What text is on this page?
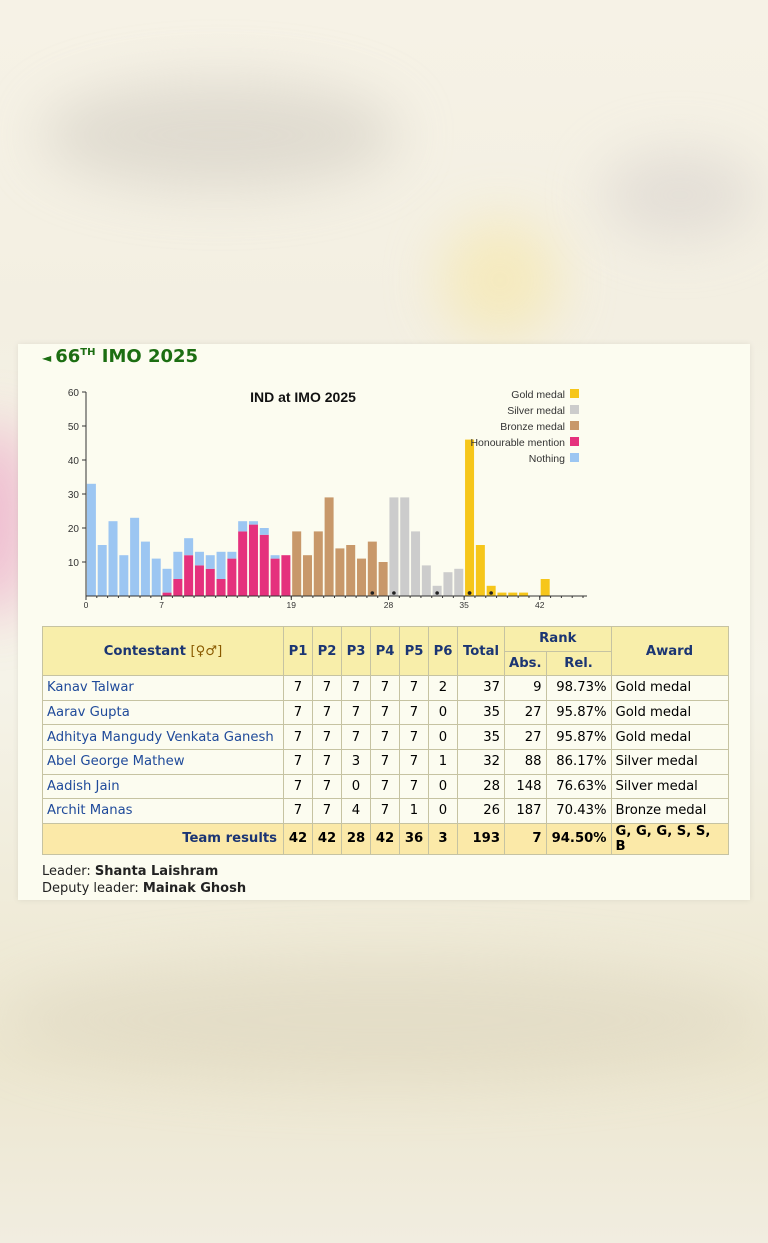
◄ 66TH IMO 2025
10
20
30
40
50
60
0	7	19	28	35	42
Gold medal
Silver medal
Bronze medal
Honourable mention
Nothing
IND at IMO 2025
Contestant [♀♂]	P1	P2	P3	P4	P5	P6	Total	Rank		Award
								Abs.	Rel.	
Kanav Talwar	7	7	7	7	7	2	37	9	98.73%	Gold medal
Aarav Gupta	7	7	7	7	7	0	35	27	95.87%	Gold medal
Adhitya Mangudy Venkata Ganesh	7	7	7	7	7	0	35	27	95.87%	Gold medal
Abel George Mathew	7	7	3	7	7	1	32	88	86.17%	Silver medal
Aadish Jain	7	7	0	7	7	0	28	148	76.63%	Silver medal
Archit Manas	7	7	4	7	1	0	26	187	70.43%	Bronze medal
Team results	42	42	28	42	36	3	193	7	94.50%	G, G, G, S, S, B
Leader: Shanta Laishram
Deputy leader: Mainak Ghosh
